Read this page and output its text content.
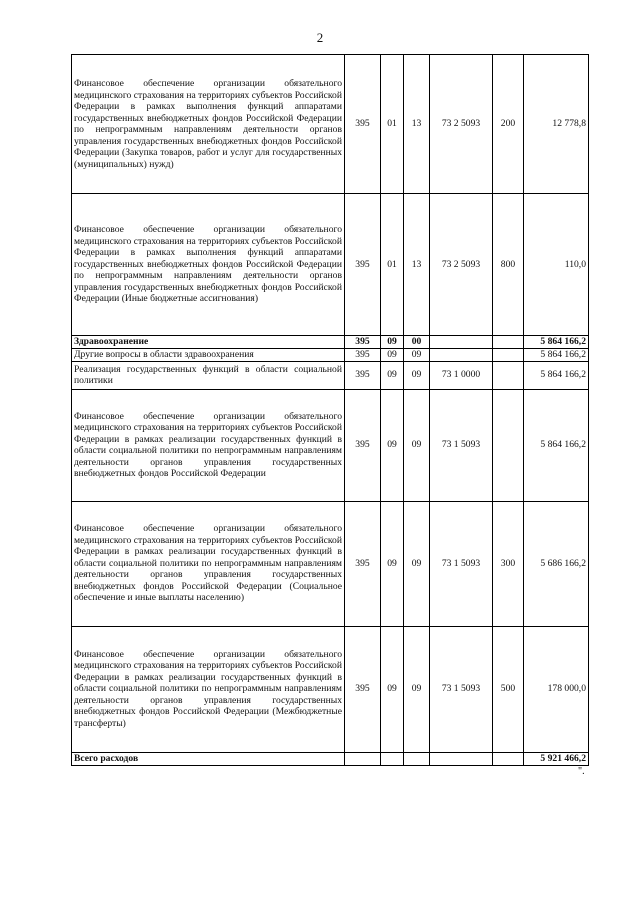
2
Финансовое обеспечение организации обязательного медицинского страхования на территориях субъектов Российской Федерации в рамках выполнения функций аппаратами государственных внебюджетных фондов Российской Федерации по непрограммным направлениям деятельности органов управления государственных внебюджетных фондов Российской Федерации (Закупка товаров, работ и услуг для государственных (муниципальных) нужд)	395	01	13	73 2 5093	200	12 778,8
Финансовое обеспечение организации обязательного медицинского страхования на территориях субъектов Российской Федерации в рамках выполнения функций аппаратами государственных внебюджетных фондов Российской Федерации по непрограммным направлениям деятельности органов управления государственных внебюджетных фондов Российской Федерации (Иные бюджетные ассигнования)	395	01	13	73 2 5093	800	110,0
Здравоохранение	395	09	00			5 864 166,2
Другие вопросы в области здравоохранения	395	09	09			5 864 166,2
Реализация государственных функций в области социальной политики	395	09	09	73 1 0000		5 864 166,2
Финансовое обеспечение организации обязательного медицинского страхования на территориях субъектов Российской Федерации в рамках реализации государственных функций в области социальной политики по непрограммным направлениям деятельности органов управления государственных внебюджетных фондов Российской Федерации	395	09	09	73 1 5093		5 864 166,2
Финансовое обеспечение организации обязательного медицинского страхования на территориях субъектов Российской Федерации в рамках реализации государственных функций в области социальной политики по непрограммным направлениям деятельности органов управления государственных внебюджетных фондов Российской Федерации (Социальное обеспечение и иные выплаты населению)	395	09	09	73 1 5093	300	5 686 166,2
Финансовое обеспечение организации обязательного медицинского страхования на территориях субъектов Российской Федерации в рамках реализации государственных функций в области социальной политики по непрограммным направлениям деятельности органов управления государственных внебюджетных фондов Российской Федерации (Межбюджетные трансферты)	395	09	09	73 1 5093	500	178 000,0
Всего расходов						5 921 466,2
".
